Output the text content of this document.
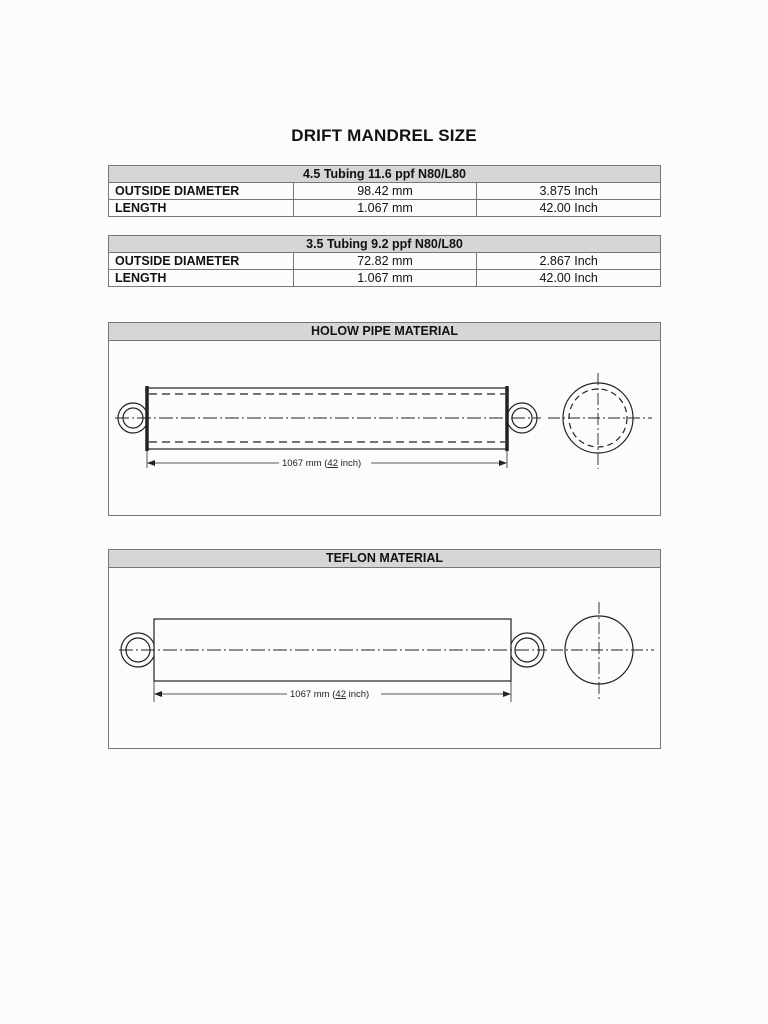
DRIFT MANDREL SIZE
4.5 Tubing 11.6 ppf N80/L80		
OUTSIDE DIAMETER	98.42 mm	3.875 Inch
LENGTH	1.067 mm	42.00 Inch
3.5 Tubing 9.2 ppf N80/L80		
OUTSIDE DIAMETER	72.82 mm	2.867 Inch
LENGTH	1.067 mm	42.00 Inch
HOLOW PIPE MATERIAL
1067 mm (42 inch)
TEFLON MATERIAL
1067 mm (42 inch)
